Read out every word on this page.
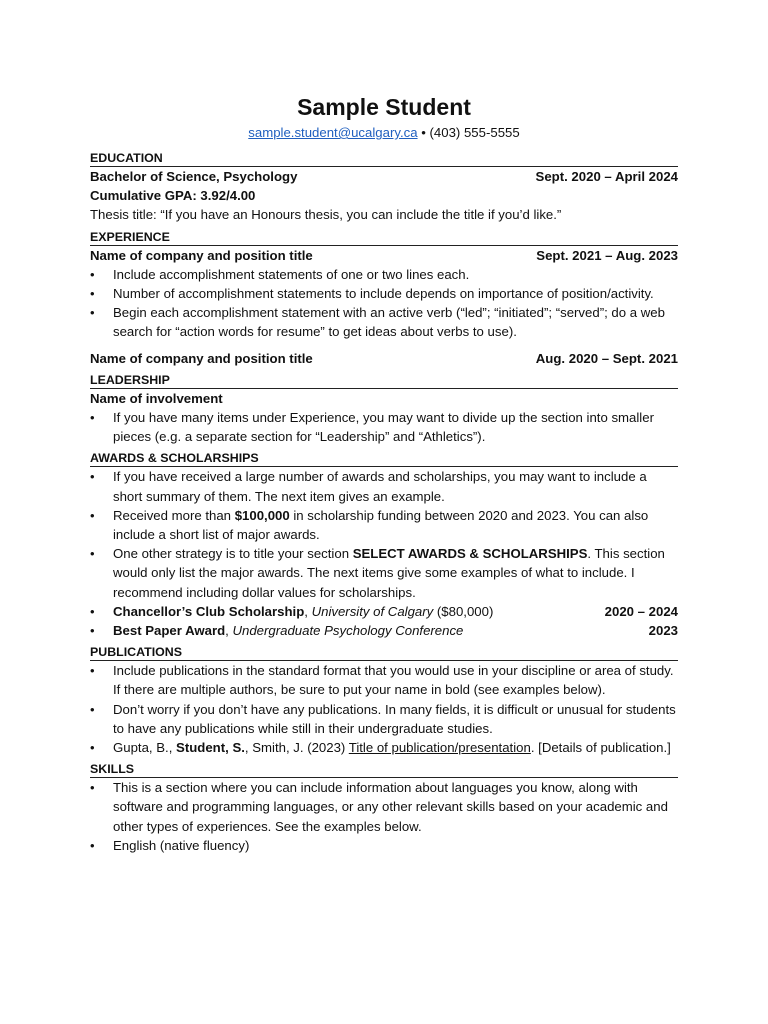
Sample Student
sample.student@ucalgary.ca • (403) 555-5555
EDUCATION
Bachelor of Science, Psychology	Sept. 2020 – April 2024
Cumulative GPA: 3.92/4.00
Thesis title: “If you have an Honours thesis, you can include the title if you’d like.”
EXPERIENCE
Name of company and position title	Sept. 2021 – Aug. 2023
• Include accomplishment statements of one or two lines each.
• Number of accomplishment statements to include depends on importance of position/activity.
• Begin each accomplishment statement with an active verb (“led”; “initiated”; “served”; do a web search for “action words for resume” to get ideas about verbs to use).
Name of company and position title	Aug. 2020 – Sept. 2021
LEADERSHIP
Name of involvement
• If you have many items under Experience, you may want to divide up the section into smaller pieces (e.g. a separate section for “Leadership” and “Athletics”).
AWARDS & SCHOLARSHIPS
• If you have received a large number of awards and scholarships, you may want to include a short summary of them. The next item gives an example.
• Received more than $100,000 in scholarship funding between 2020 and 2023. You can also include a short list of major awards.
• One other strategy is to title your section SELECT AWARDS & SCHOLARSHIPS. This section would only list the major awards. The next items give some examples of what to include. I recommend including dollar values for scholarships.
• Chancellor’s Club Scholarship, University of Calgary ($80,000)	2020 – 2024
• Best Paper Award, Undergraduate Psychology Conference	2023
PUBLICATIONS
• Include publications in the standard format that you would use in your discipline or area of study. If there are multiple authors, be sure to put your name in bold (see examples below).
• Don’t worry if you don’t have any publications. In many fields, it is difficult or unusual for students to have any publications while still in their undergraduate studies.
• Gupta, B., Student, S., Smith, J. (2023) Title of publication/presentation. [Details of publication.]
SKILLS
• This is a section where you can include information about languages you know, along with software and programming languages, or any other relevant skills based on your academic and other types of experiences. See the examples below.
• English (native fluency)
